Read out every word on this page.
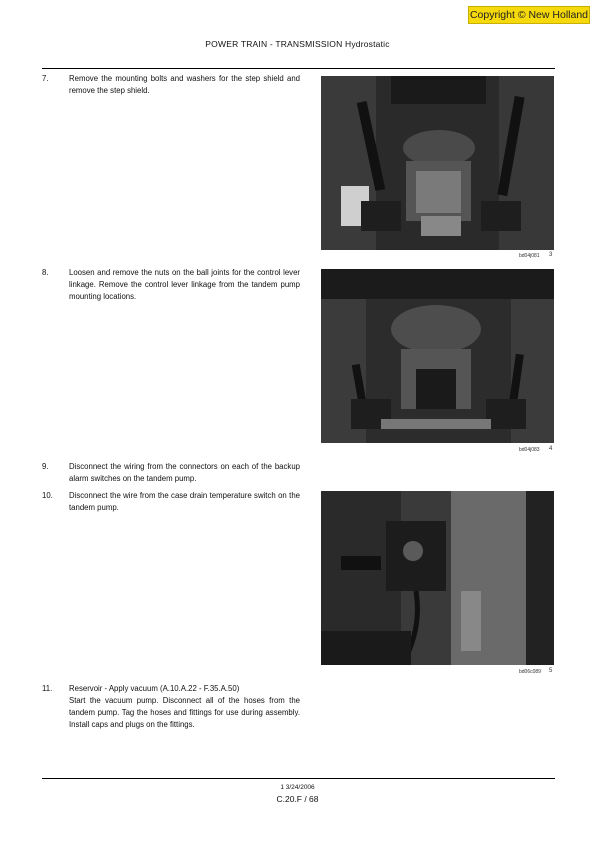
Copyright © New Holland
POWER TRAIN - TRANSMISSION Hydrostatic
7.	Remove the mounting bolts and washers for the step shield and remove the step shield.
8.	Loosen and remove the nuts on the ball joints for the control lever linkage. Remove the control lever linkage from the tandem pump mounting locations.
9.	Disconnect the wiring from the connectors on each of the backup alarm switches on the tandem pump.
10. Disconnect the wire from the case drain temperature switch on the tandem pump.
11. Reservoir - Apply vacuum (A.10.A.22 - F.35.A.50)
Start the vacuum pump. Disconnect all of the hoses from the tandem pump. Tag the hoses and fittings for use during assembly. Install caps and plugs on the fittings.
bd04j081 3
bd04j083 4
bd06c089 5
1 3/24/2006
C.20.F / 68
